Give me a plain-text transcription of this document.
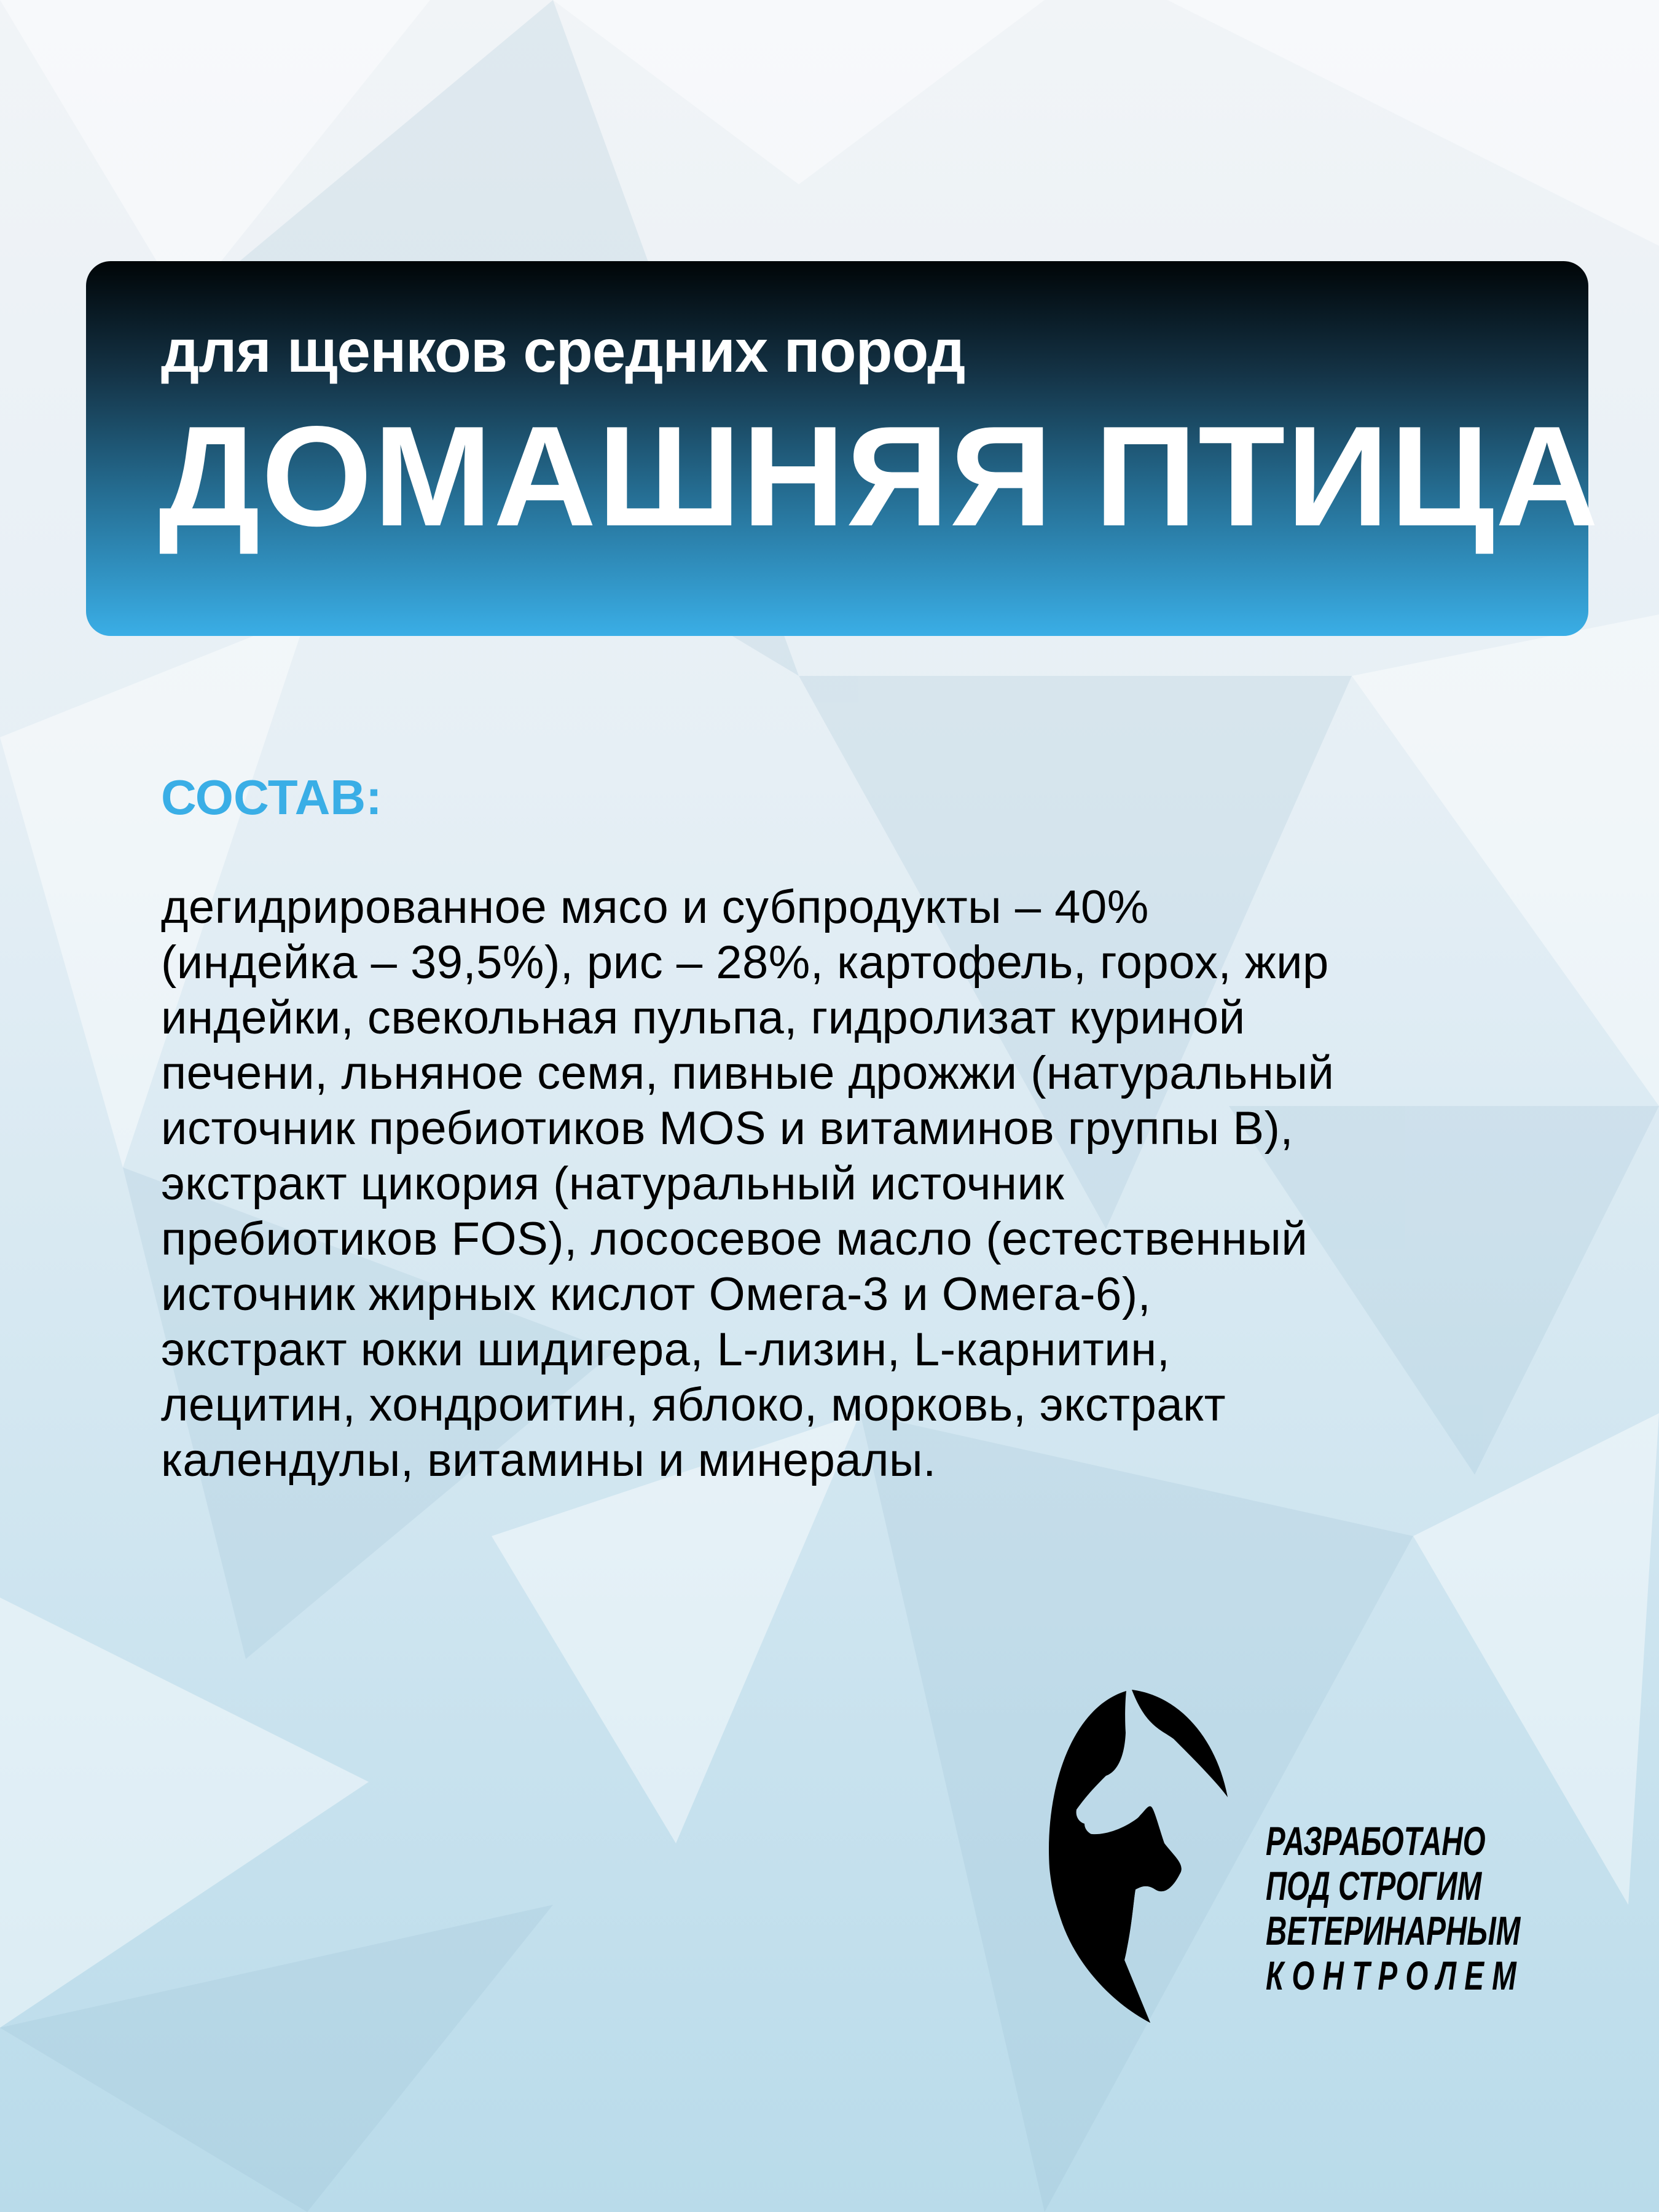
для щенков средних пород
ДОМАШНЯЯ ПТИЦА
СОСТАВ:
дегидрированное мясо и субпродукты – 40%
(индейка – 39,5%), рис – 28%, картофель, горох, жир
индейки, свекольная пульпа, гидролизат куриной
печени, льняное семя, пивные дрожжи (натуральный
источник пребиотиков MOS и витаминов группы B),
экстракт цикория (натуральный источник
пребиотиков FOS), лососевое масло (естественный
источник жирных кислот Омега-3 и Омега-6),
экстракт юкки шидигера, L-лизин, L-карнитин,
лецитин, хондроитин, яблоко, морковь, экстракт
календулы, витамины и минералы.
РАЗРАБОТАНО
ПОД СТРОГИМ
ВЕТЕРИНАРНЫМ
К О Н Т Р О Л Е М
